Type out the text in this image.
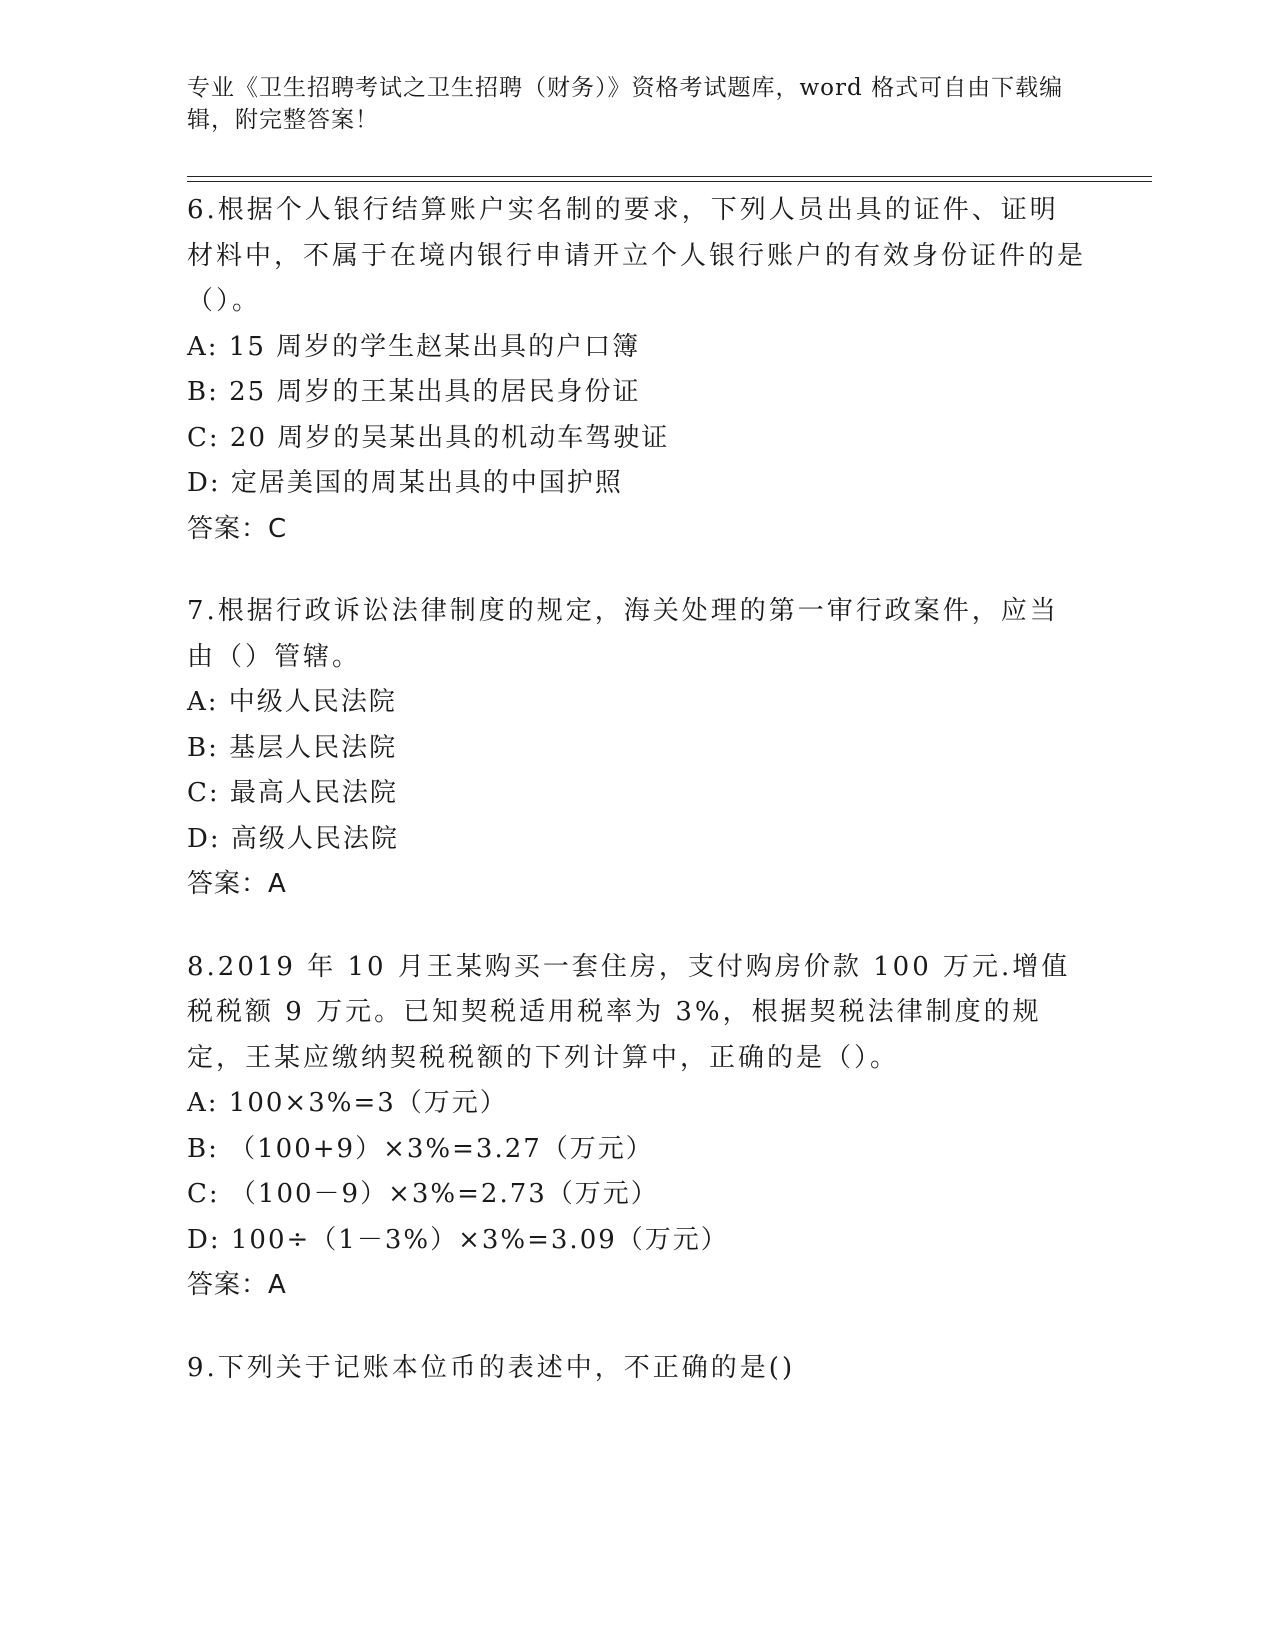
专业《卫生招聘考试之卫生招聘（财务）》资格考试题库，word 格式可自由下载编辑，附完整答案！

6.根据个人银行结算账户实名制的要求，下列人员出具的证件、证明材料中，不属于在境内银行申请开立个人银行账户的有效身份证件的是（）。

A: 15 周岁的学生赵某出具的户口簿

B: 25 周岁的王某出具的居民身份证

C: 20 周岁的吴某出具的机动车驾驶证

D: 定居美国的周某出具的中国护照

答案：C

7.根据行政诉讼法律制度的规定，海关处理的第一审行政案件，应当由（）管辖。

A: 中级人民法院

B: 基层人民法院

C: 最高人民法院

D: 高级人民法院

答案：A

8.2019 年 10 月王某购买一套住房，支付购房价款 100 万元.增值税税额 9 万元。已知契税适用税率为 3%，根据契税法律制度的规定，王某应缴纳契税税额的下列计算中，正确的是（）。

A: 100×3%=3（万元）

B: （100+9）×3%=3.27（万元）

C: （100－9）×3%=2.73（万元）

D: 100÷（1－3%）×3%=3.09（万元）

答案：A

9.下列关于记账本位币的表述中，不正确的是()
